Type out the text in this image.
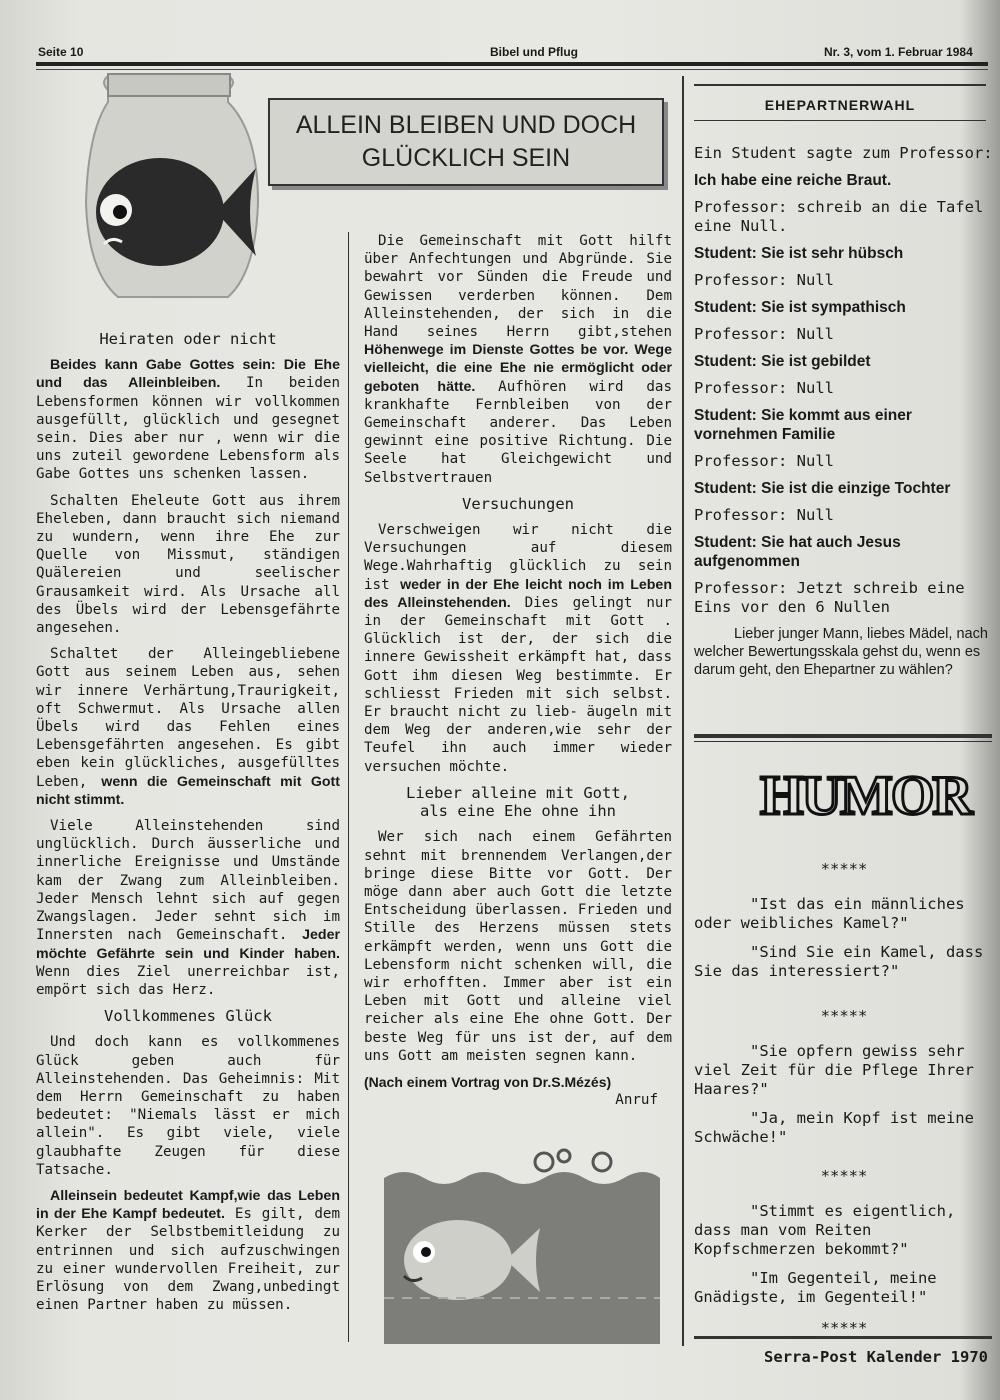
Seite 10	Bibel und Pflug	Nr. 3, vom 1. Februar 1984
ALLEIN BLEIBEN UND DOCH
GLÜCKLICH SEIN
Heiraten oder nicht

Beides kann Gabe Gottes sein: Die Ehe und das Alleinbleiben. In beiden Lebensformen können wir vollkommen ausgefüllt, glücklich und gesegnet sein. Dies aber nur , wenn wir die uns zuteil gewordene Lebensform als Gabe Gottes uns schenken lassen.

Schalten Eheleute Gott aus ihrem Eheleben, dann braucht sich niemand zu wundern, wenn ihre Ehe zur Quelle von Missmut, ständigen Quälereien und seelischer Grausamkeit wird. Als Ursache all des Übels wird der Lebensgefährte angesehen.

Schaltet der Alleingebliebene Gott aus seinem Leben aus, sehen wir innere Verhärtung,Traurigkeit, oft Schwermut. Als Ursache allen Übels wird das Fehlen eines Lebensgefährten angesehen. Es gibt eben kein glückliches, ausgefülltes Leben, wenn die Gemeinschaft mit Gott nicht stimmt.

Viele Alleinstehenden sind unglücklich. Durch äusserliche und innerliche Ereignisse und Umstände kam der Zwang zum Alleinbleiben. Jeder Mensch lehnt sich auf gegen Zwangslagen. Jeder sehnt sich im Innersten nach Gemeinschaft. Jeder möchte Gefährte sein und Kinder haben. Wenn dies Ziel unerreichbar ist, empört sich das Herz.

Vollkommenes Glück

Und doch kann es vollkommenes Glück geben auch für Alleinstehenden. Das Geheimnis: Mit dem Herrn Gemeinschaft zu haben bedeutet: "Niemals lässt er mich allein". Es gibt viele, viele glaubhafte Zeugen für diese Tatsache.

Alleinsein bedeutet Kampf,wie das Leben in der Ehe Kampf bedeutet. Es gilt, dem Kerker der Selbstbemitleidung zu entrinnen und sich aufzuschwingen zu einer wundervollen Freiheit, zur Erlösung von dem Zwang,unbedingt einen Partner haben zu müssen.

Die Gemeinschaft mit Gott hilft über Anfechtungen und Abgründe. Sie bewahrt vor Sünden die Freude und Gewissen verderben können. Dem Alleinstehenden, der sich in die Hand seines Herrn gibt,stehen Höhenwege im Dienste Gottes be vor. Wege vielleicht, die eine Ehe nie ermöglicht oder geboten hätte. Aufhören wird das krankhafte Fernbleiben von der Gemeinschaft anderer. Das Leben gewinnt eine positive Richtung. Die Seele hat Gleichgewicht und Selbstvertrauen

Versuchungen

Verschweigen wir nicht die Versuchungen auf diesem Wege.Wahrhaftig glücklich zu sein ist weder in der Ehe leicht noch im Leben des Alleinstehenden. Dies gelingt nur in der Gemeinschaft mit Gott . Glücklich ist der, der sich die innere Gewissheit erkämpft hat, dass Gott ihm diesen Weg bestimmte. Er schliesst Frieden mit sich selbst. Er braucht nicht zu lieb- äugeln mit dem Weg der anderen,wie sehr der Teufel ihn auch immer wieder versuchen möchte.

Lieber alleine mit Gott,
als eine Ehe ohne ihn

Wer sich nach einem Gefährten sehnt mit brennendem Verlangen,der bringe diese Bitte vor Gott. Der möge dann aber auch Gott die letzte Entscheidung überlassen. Frieden und Stille des Herzens müssen stets erkämpft werden, wenn uns Gott die Lebensform nicht schenken will, die wir erhofften. Immer aber ist ein Leben mit Gott und alleine viel reicher als eine Ehe ohne Gott. Der beste Weg für uns ist der, auf dem uns Gott am meisten segnen kann.

(Nach einem Vortrag von Dr.S.Mézés)
Anruf
EHEPARTNERWAHL

Ein Student sagte zum Professor:

Ich habe eine reiche Braut.

Professor: schreib an die Tafel eine Null.

Student: Sie ist sehr hübsch

Professor: Null

Student: Sie ist sympathisch

Professor: Null

Student: Sie ist gebildet

Professor: Null

Student: Sie kommt aus einer vornehmen Familie

Professor: Null

Student: Sie ist die einzige Tochter

Professor: Null

Student: Sie hat auch Jesus aufgenommen

Professor: Jetzt schreib eine Eins vor den 6 Nullen

Lieber junger Mann, liebes Mädel, nach welcher Bewertungsskala gehst du, wenn es darum geht, den Ehepartner zu wählen?

HUMOR

*****

"Ist das ein männliches oder weibliches Kamel?"

"Sind Sie ein Kamel, dass Sie das interessiert?"

*****

"Sie opfern gewiss sehr viel Zeit für die Pflege Ihrer Haares?"

"Ja, mein Kopf ist meine Schwäche!"

*****

"Stimmt es eigentlich, dass man vom Reiten Kopfschmerzen bekommt?"

"Im Gegenteil, meine Gnädigste, im Gegenteil!"

*****

Serra-Post Kalender 1970
